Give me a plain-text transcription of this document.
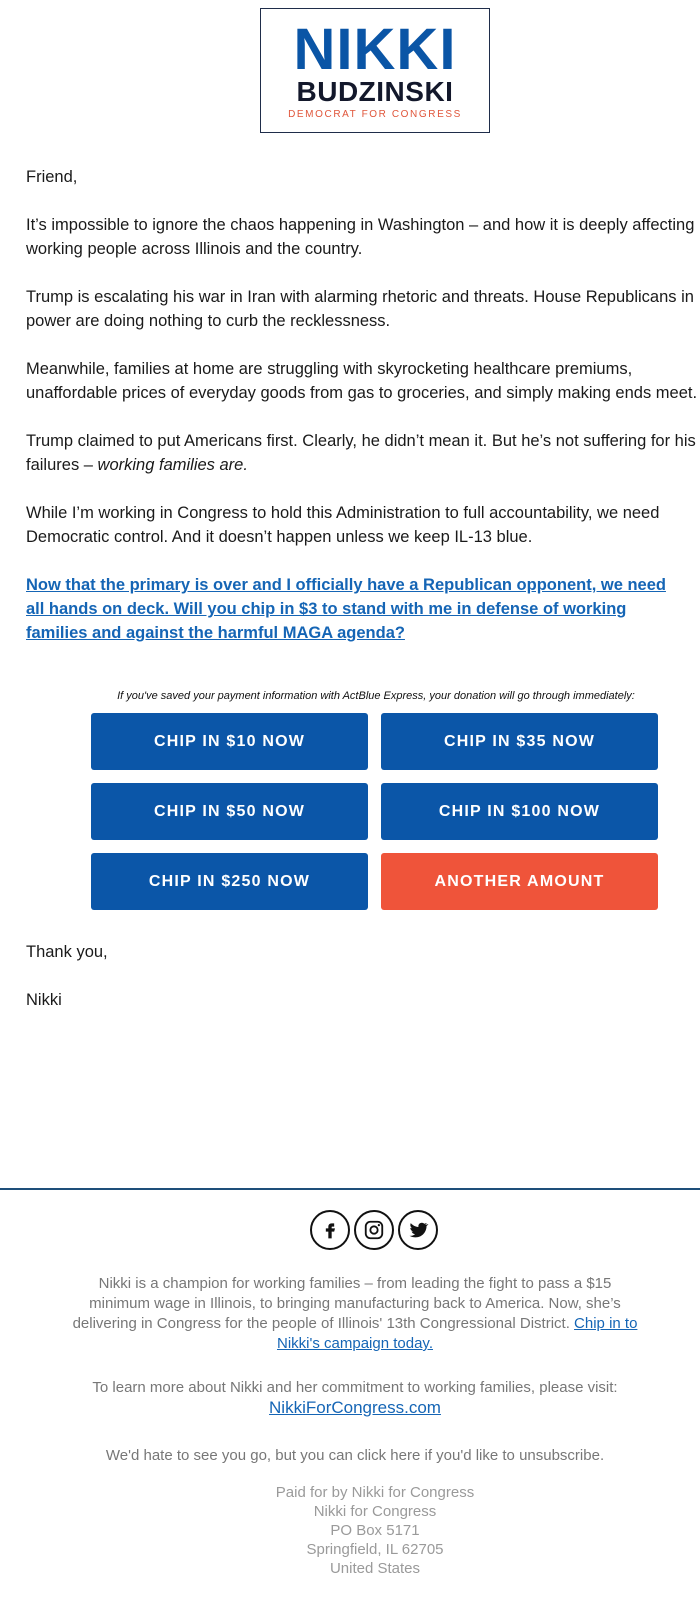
NIKKI
BUDZINSKI
DEMOCRAT FOR CONGRESS

Friend,

It’s impossible to ignore the chaos happening in Washington – and how it is deeply affecting working people across Illinois and the country.

Trump is escalating his war in Iran with alarming rhetoric and threats. House Republicans in power are doing nothing to curb the recklessness.

Meanwhile, families at home are struggling with skyrocketing healthcare premiums, unaffordable prices of everyday goods from gas to groceries, and simply making ends meet.

Trump claimed to put Americans first. Clearly, he didn’t mean it. But he’s not suffering for his failures – working families are.

While I’m working in Congress to hold this Administration to full accountability, we need Democratic control. And it doesn’t happen unless we keep IL-13 blue.

Now that the primary is over and I officially have a Republican opponent, we need all hands on deck. Will you chip in $3 to stand with me in defense of working families and against the harmful MAGA agenda?

If you've saved your payment information with ActBlue Express, your donation will go through immediately:
CHIP IN $10 NOW	CHIP IN $35 NOW
CHIP IN $50 NOW	CHIP IN $100 NOW
CHIP IN $250 NOW	ANOTHER AMOUNT

Thank you,

Nikki

Nikki is a champion for working families – from leading the fight to pass a $15 minimum wage in Illinois, to bringing manufacturing back to America. Now, she’s delivering in Congress for the people of Illinois' 13th Congressional District. Chip in to Nikki's campaign today.
To learn more about Nikki and her commitment to working families, please visit:
NikkiForCongress.com
We'd hate to see you go, but you can click here if you'd like to unsubscribe.
Paid for by Nikki for Congress
Nikki for Congress
PO Box 5171
Springfield, IL 62705
United States
